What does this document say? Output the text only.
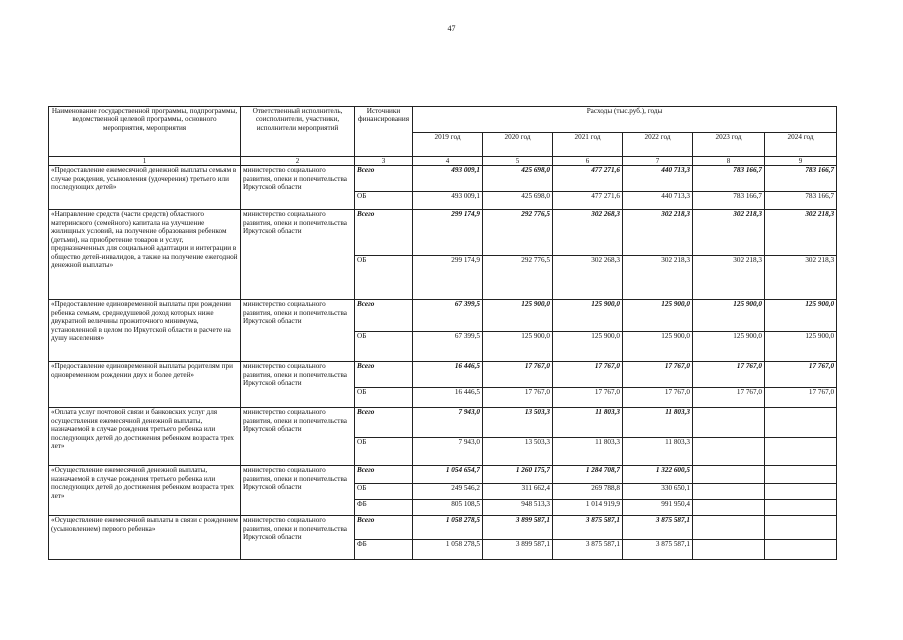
47
Наименование государственной программы, подпрограммы, ведомственной целевой программы, основного мероприятия, мероприятия	Ответственный исполнитель, соисполнители, участники, исполнители мероприятий	Источники финансирования	Расходы (тыс.руб.), годы					
			2019 год	2020 год	2021 год	2022 год	2023 год	2024 год
1	2	3	4	5	6	7	8	9
«Предоставление ежемесячной денежной выплаты семьям в случае рождения, усыновления (удочерения) третьего или последующих детей»	министерство социального развития, опеки и попечительства Иркутской области	Всего	493 009,1	425 698,0	477 271,6	440 713,3	783 166,7	783 166,7
		ОБ	493 009,1	425 698,0	477 271,6	440 713,3	783 166,7	783 166,7
«Направление средств (части средств) областного материнского (семейного) капитала на улучшение жилищных условий, на получение образования ребенком (детьми), на приобретение товаров и услуг, предназначенных для социальной адаптации и интеграции в общество детей-инвалидов, а также на получение ежегодной денежной выплаты»	министерство социального развития, опеки и попечительства Иркутской области	Всего	299 174,9	292 776,5	302 268,3	302 218,3	302 218,3	302 218,3
		ОБ	299 174,9	292 776,5	302 268,3	302 218,3	302 218,3	302 218,3
«Предоставление единовременной выплаты при рождении ребенка семьям, среднедушевой доход которых ниже двукратной величины прожиточного минимума, установленной в целом по Иркутской области в расчете на душу населения»	министерство социального развития, опеки и попечительства Иркутской области	Всего	67 399,5	125 900,0	125 900,0	125 900,0	125 900,0	125 900,0
		ОБ	67 399,5	125 900,0	125 900,0	125 900,0	125 900,0	125 900,0
«Предоставление единовременной выплаты родителям при одновременном рождении двух и более детей»	министерство социального развития, опеки и попечительства Иркутской области	Всего	16 446,5	17 767,0	17 767,0	17 767,0	17 767,0	17 767,0
		ОБ	16 446,5	17 767,0	17 767,0	17 767,0	17 767,0	17 767,0
«Оплата услуг почтовой связи и банковских услуг для осуществления ежемесячной денежной выплаты, назначаемой в случае рождения третьего ребенка или последующих детей до достижения ребенком возраста трех лет»	министерство социального развития, опеки и попечительства Иркутской области	Всего	7 943,0	13 503,3	11 803,3	11 803,3		
		ОБ	7 943,0	13 503,3	11 803,3	11 803,3		
«Осуществление ежемесячной денежной выплаты, назначаемой в случае рождения третьего ребенка или последующих детей до достижения ребенком возраста трех лет»	министерство социального развития, опеки и попечительства Иркутской области	Всего	1 054 654,7	1 260 175,7	1 284 708,7	1 322 600,5		
		ОБ	249 546,2	311 662,4	269 788,8	330 650,1		
		ФБ	805 108,5	948 513,3	1 014 919,9	991 950,4		
«Осуществление ежемесячной выплаты в связи с рождением (усыновлением) первого ребенка»	министерство социального развития, опеки и попечительства Иркутской области	Всего	1 058 278,5	3 899 587,1	3 875 587,1	3 875 587,1		
		ФБ	1 058 278,5	3 899 587,1	3 875 587,1	3 875 587,1		
